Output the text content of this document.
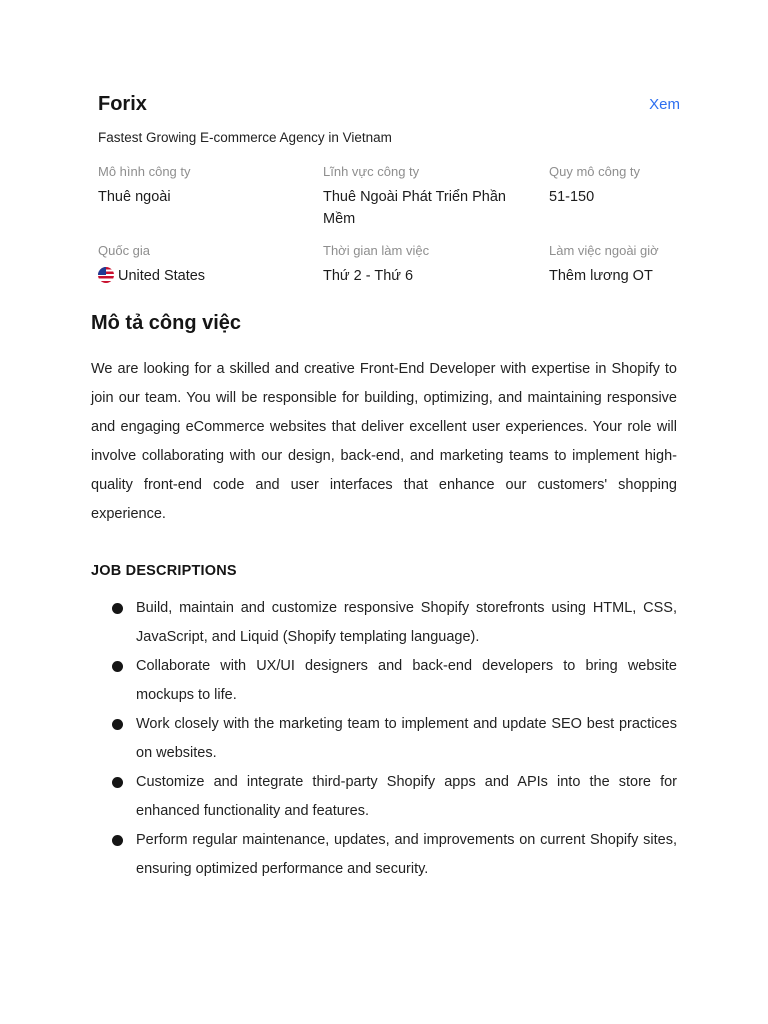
Forix	Xem
Fastest Growing E-commerce Agency in Vietnam
Mô hình công ty
Thuê ngoài
Lĩnh vực công ty
Thuê Ngoài Phát Triển Phần Mềm
Quy mô công ty
51-150
Quốc gia
United States
Thời gian làm việc
Thứ 2 - Thứ 6
Làm việc ngoài giờ
Thêm lương OT
Mô tả công việc

We are looking for a skilled and creative Front-End Developer with expertise in Shopify to join our team. You will be responsible for building, optimizing, and maintaining responsive and engaging eCommerce websites that deliver excellent user experiences. Your role will involve collaborating with our design, back-end, and marketing teams to implement high-quality front-end code and user interfaces that enhance our customers' shopping experience.

JOB DESCRIPTIONS
Build, maintain and customize responsive Shopify storefronts using HTML, CSS, JavaScript, and Liquid (Shopify templating language).
Collaborate with UX/UI designers and back-end developers to bring website mockups to life.
Work closely with the marketing team to implement and update SEO best practices on websites.
Customize and integrate third-party Shopify apps and APIs into the store for enhanced functionality and features.
Perform regular maintenance, updates, and improvements on current Shopify sites, ensuring optimized performance and security.
